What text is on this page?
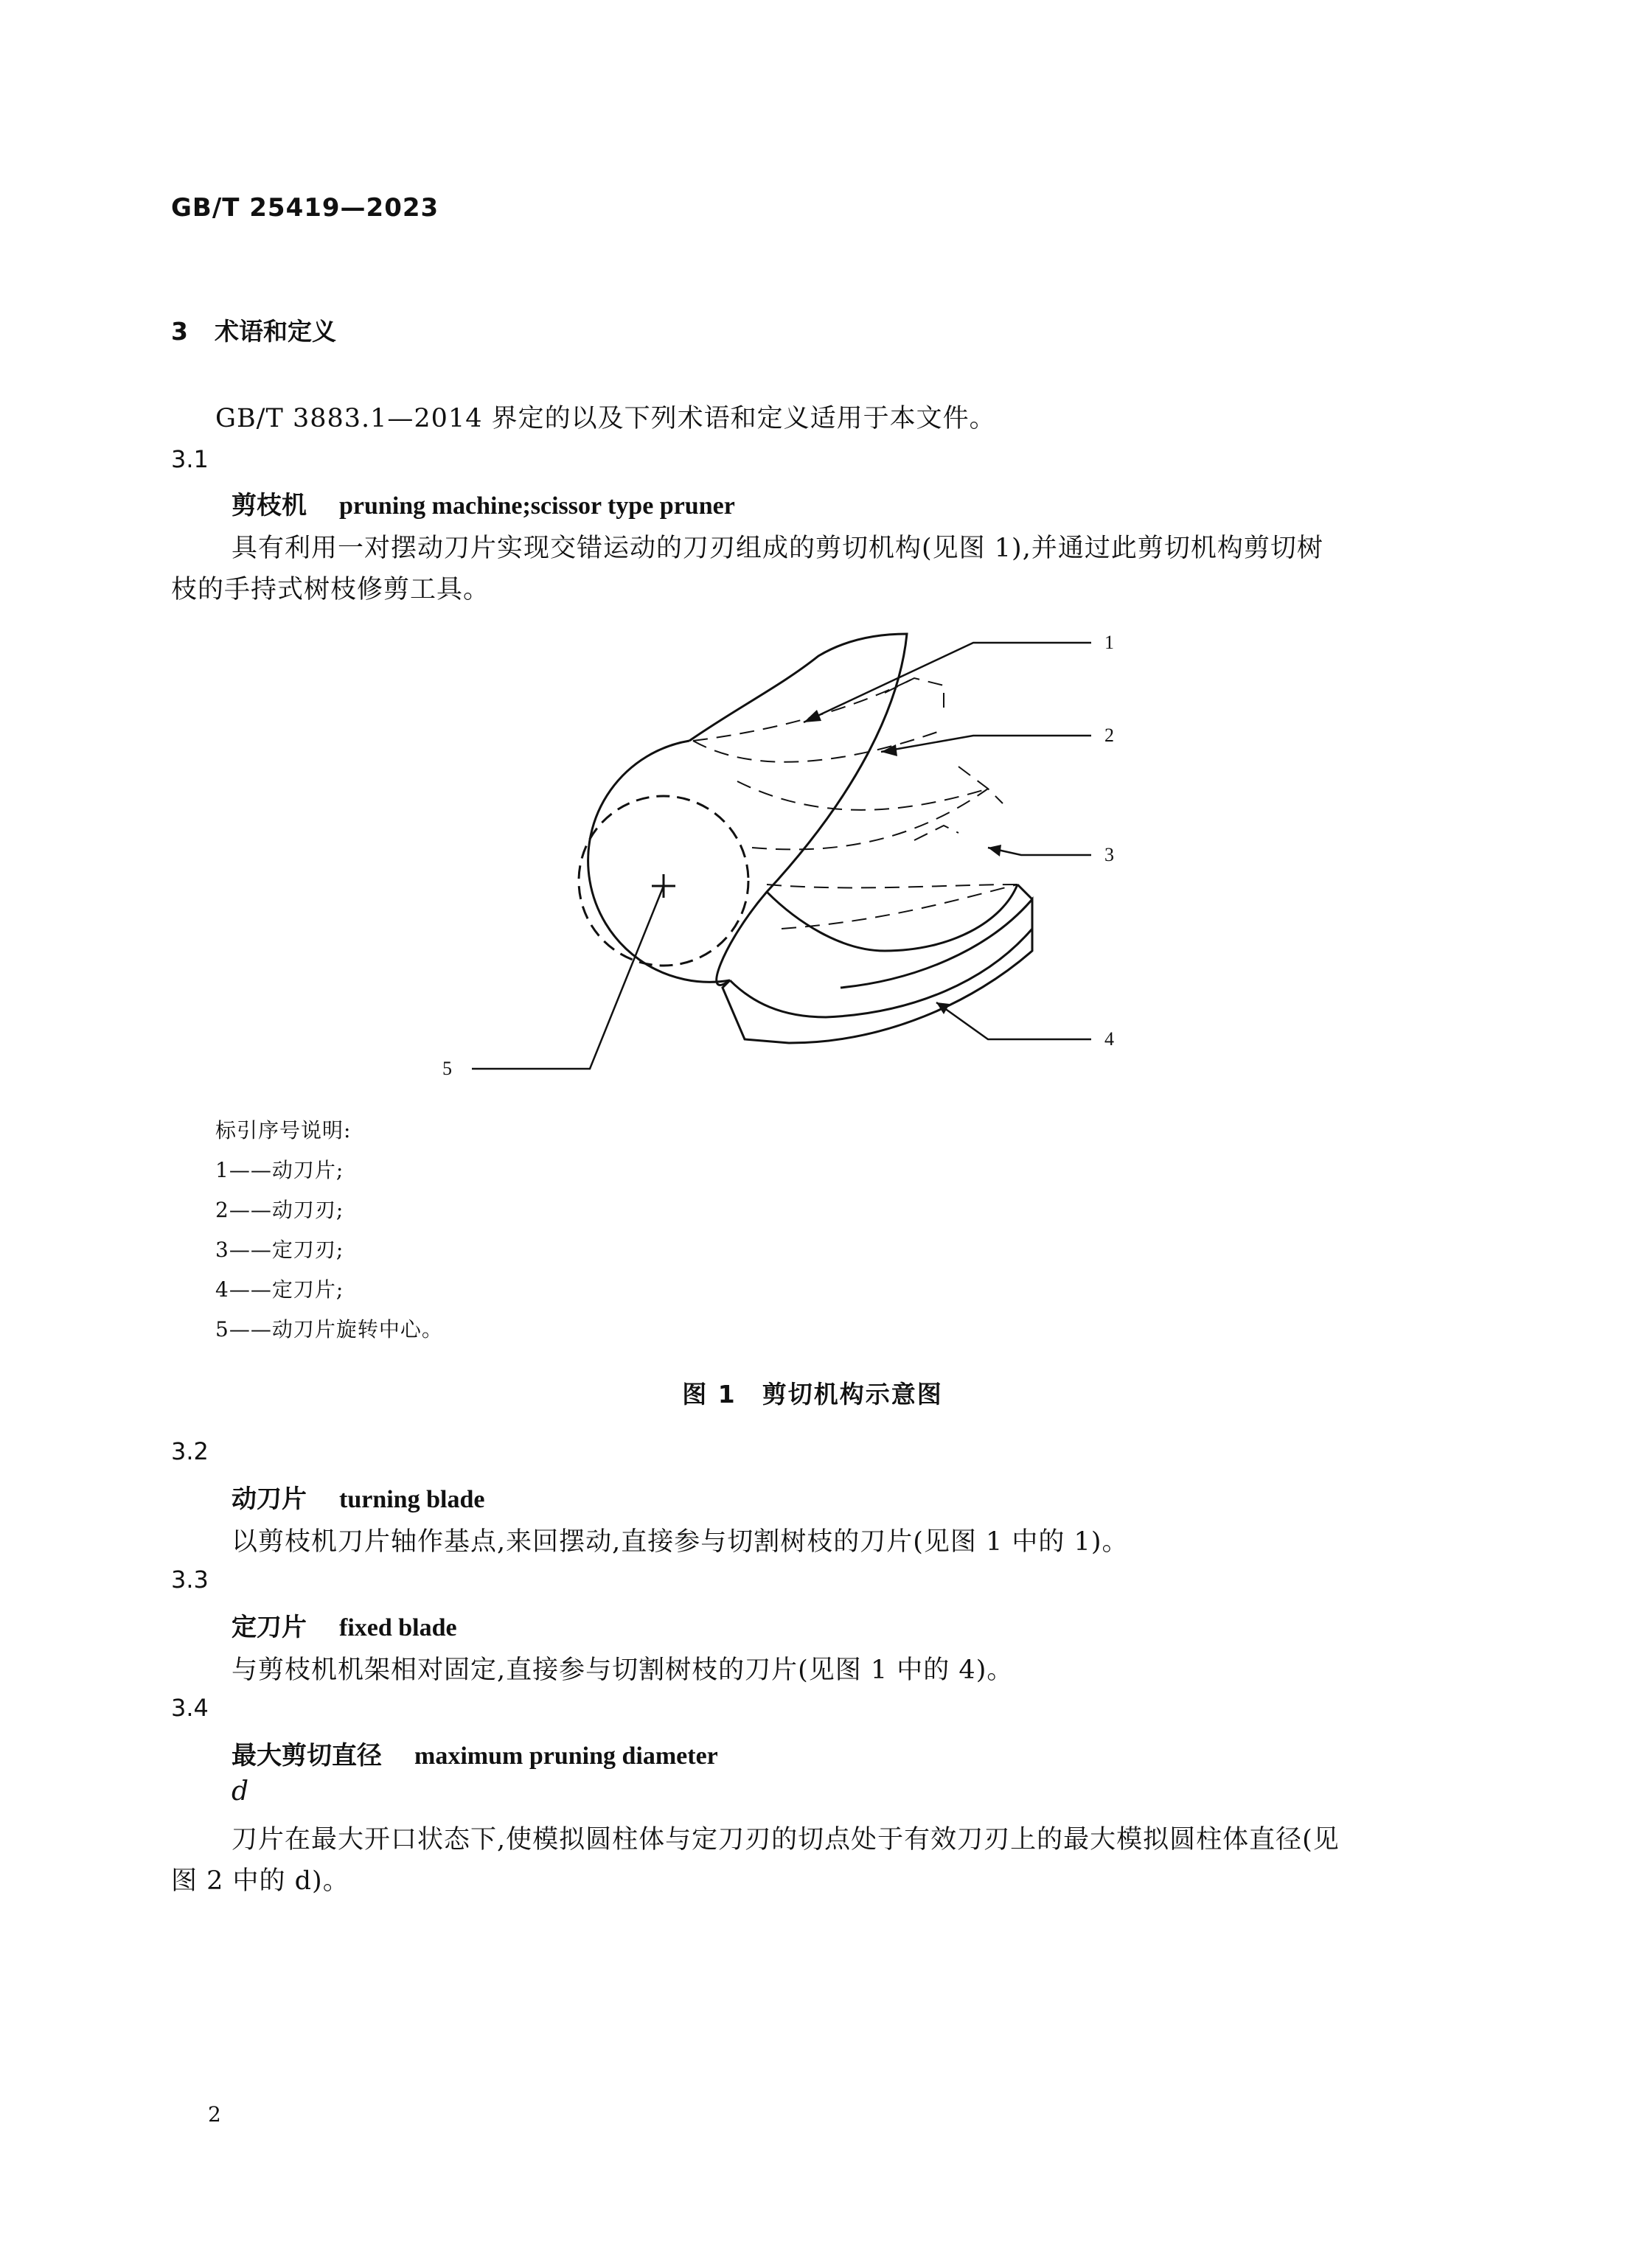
GB/T 25419—2023
3 术语和定义
GB/T 3883.1—2014 界定的以及下列术语和定义适用于本文件。
3.1
剪枝机 pruning machine;scissor type pruner
具有利用一对摆动刀片实现交错运动的刀刃组成的剪切机构(见图 1),并通过此剪切机构剪切树
枝的手持式树枝修剪工具。
1
2
3
4
5
标引序号说明:
1——动刀片;
2——动刀刃;
3——定刀刃;
4——定刀片;
5——动刀片旋转中心。
图 1　剪切机构示意图
3.2
动刀片 turning blade
以剪枝机刀片轴作基点,来回摆动,直接参与切割树枝的刀片(见图 1 中的 1)。
3.3
定刀片 fixed blade
与剪枝机机架相对固定,直接参与切割树枝的刀片(见图 1 中的 4)。
3.4
最大剪切直径 maximum pruning diameter
d
刀片在最大开口状态下,使模拟圆柱体与定刀刃的切点处于有效刀刃上的最大模拟圆柱体直径(见
图 2 中的 d)。
2
